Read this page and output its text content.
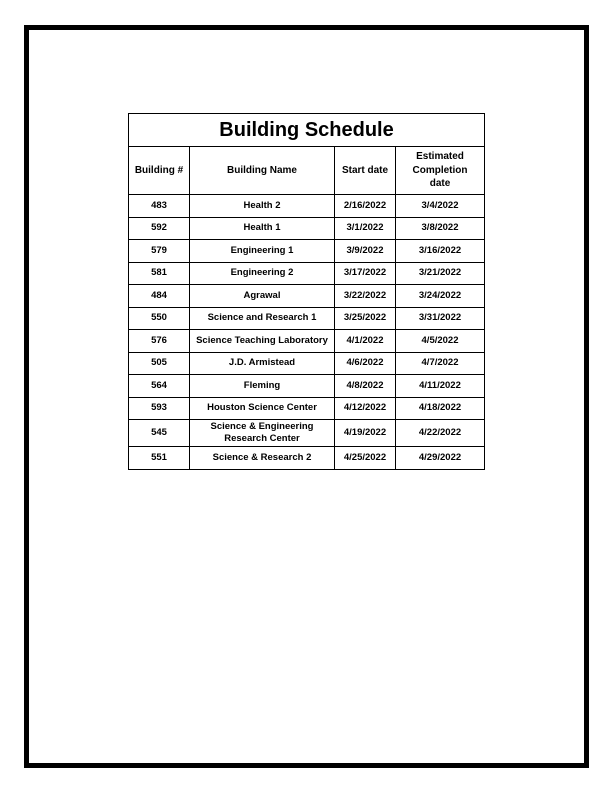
Building Schedule			
Building #	Building Name	Start date	Estimated
Completion
date
483	Health 2	2/16/2022	3/4/2022
592	Health 1	3/1/2022	3/8/2022
579	Engineering 1	3/9/2022	3/16/2022
581	Engineering 2	3/17/2022	3/21/2022
484	Agrawal	3/22/2022	3/24/2022
550	Science and Research 1	3/25/2022	3/31/2022
576	Science Teaching Laboratory	4/1/2022	4/5/2022
505	J.D. Armistead	4/6/2022	4/7/2022
564	Fleming	4/8/2022	4/11/2022
593	Houston Science Center	4/12/2022	4/18/2022
545	Science & Engineering
Research Center	4/19/2022	4/22/2022
551	Science & Research 2	4/25/2022	4/29/2022
